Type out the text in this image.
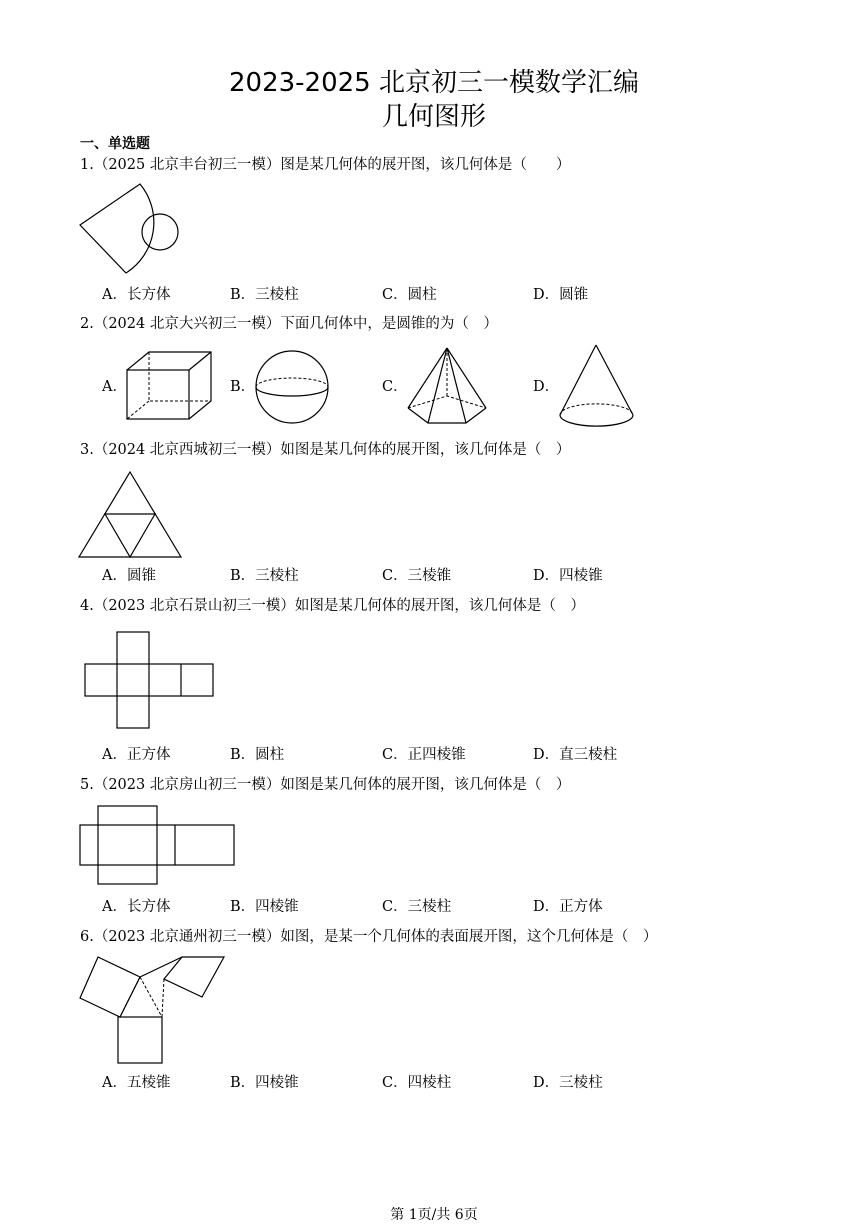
2023-2025 北京初三一模数学汇编
几何图形
一、单选题
1.（2025 北京丰台初三一模）图是某几何体的展开图，该几何体是（　　）
A．长方体	B．三棱柱	C．圆柱	D．圆锥
2.（2024 北京大兴初三一模）下面几何体中，是圆锥的为（　）
A．	B．	C．	D．
3.（2024 北京西城初三一模）如图是某几何体的展开图，该几何体是（　）
A．圆锥	B．三棱柱	C．三棱锥	D．四棱锥
4.（2023 北京石景山初三一模）如图是某几何体的展开图，该几何体是（　）
A．正方体	B．圆柱	C．正四棱锥	D．直三棱柱
5.（2023 北京房山初三一模）如图是某几何体的展开图，该几何体是（　）
A．长方体	B．四棱锥	C．三棱柱	D．正方体
6.（2023 北京通州初三一模）如图，是某一个几何体的表面展开图，这个几何体是（　）
A．五棱锥	B．四棱锥	C．四棱柱	D．三棱柱
第 1页/共 6页
